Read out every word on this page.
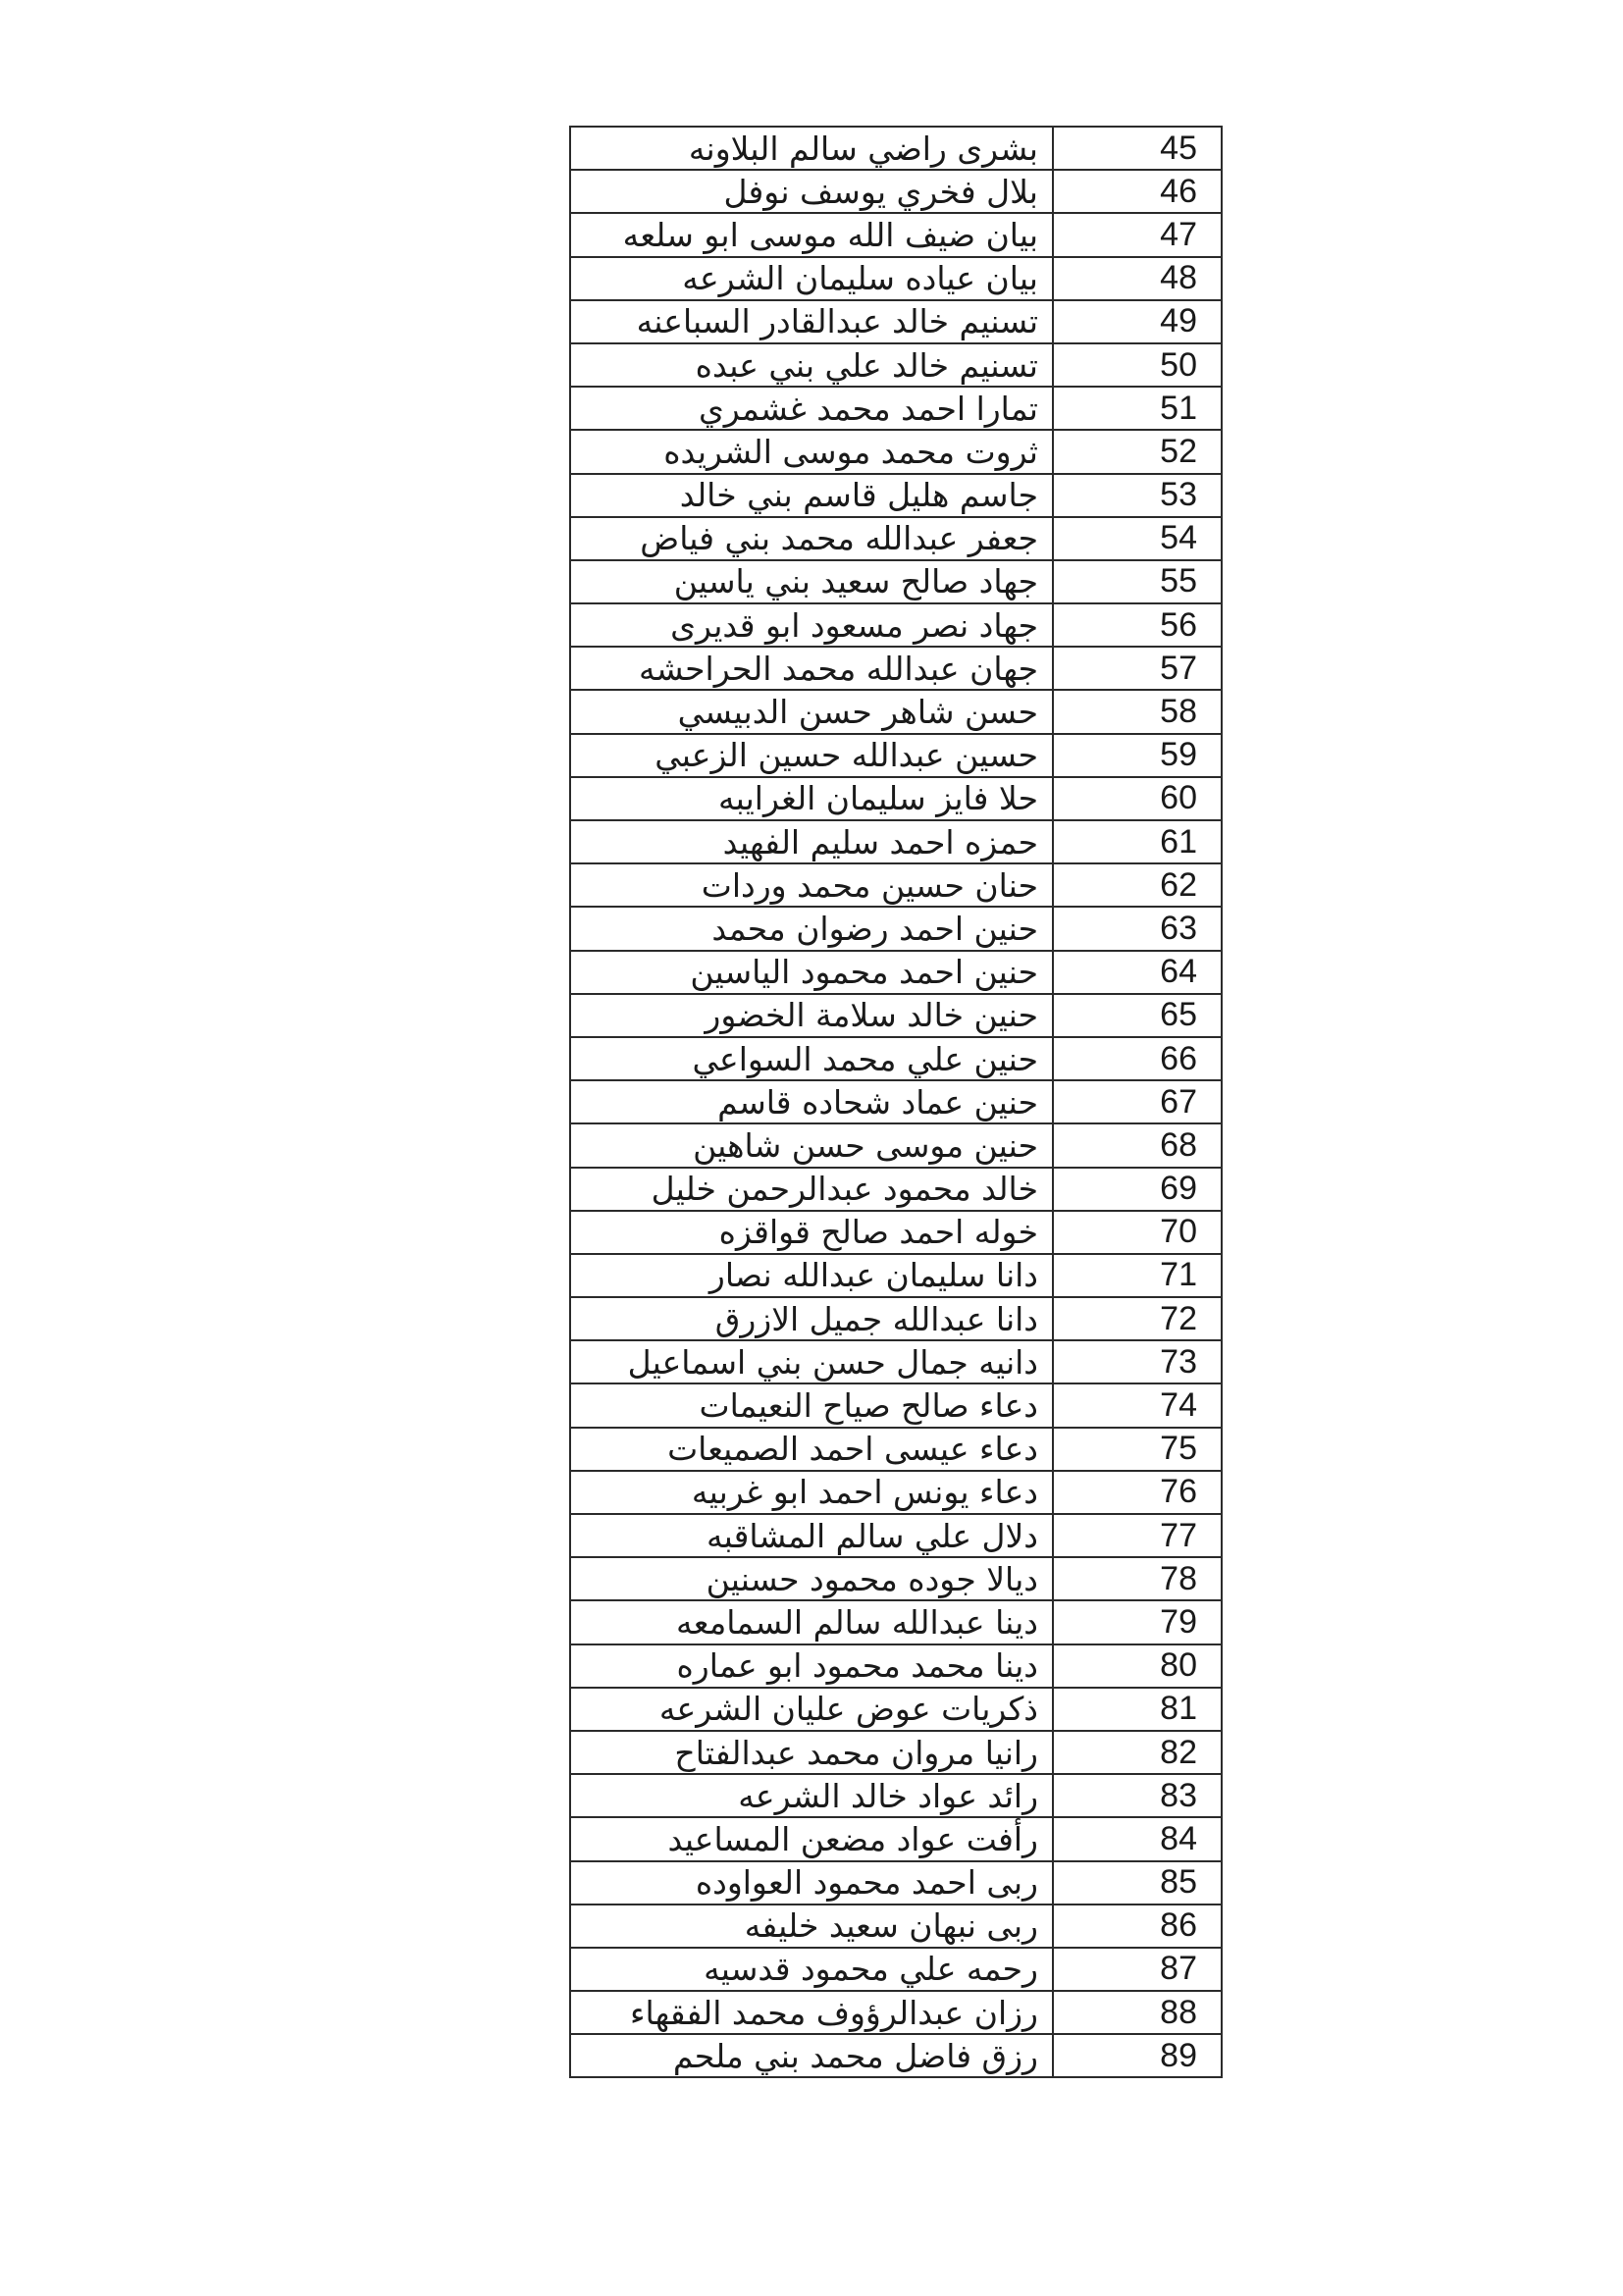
بشرى راضي سالم البلاونه	45
بلال فخري يوسف نوفل	46
بيان ضيف الله موسى ابو سلعه	47
بيان عياده سليمان الشرعه	48
تسنيم خالد عبدالقادر السباعنه	49
تسنيم خالد علي بني عبده	50
تمارا احمد محمد غشمري	51
ثروت محمد موسى الشريده	52
جاسم هليل قاسم بني خالد	53
جعفر عبدالله محمد بني فياض	54
جهاد صالح سعيد بني ياسين	55
جهاد نصر مسعود ابو قديرى	56
جهان عبدالله محمد الحراحشه	57
حسن شاهر حسن الدبيسي	58
حسين عبدالله حسين الزعبي	59
حلا فايز سليمان الغرايبه	60
حمزه احمد سليم الفهيد	61
حنان حسين محمد وردات	62
حنين احمد رضوان محمد	63
حنين احمد محمود الياسين	64
حنين خالد سلامة الخضور	65
حنين علي محمد السواعي	66
حنين عماد شحاده قاسم	67
حنين موسى حسن شاهين	68
خالد محمود عبدالرحمن خليل	69
خوله احمد صالح قواقزه	70
دانا سليمان عبدالله نصار	71
دانا عبدالله جميل الازرق	72
دانيه جمال حسن بني اسماعيل	73
دعاء صالح صياح النعيمات	74
دعاء عيسى احمد الصميعات	75
دعاء يونس احمد ابو غربيه	76
دلال علي سالم المشاقبه	77
ديالا جوده محمود حسنين	78
دينا عبدالله سالم السمامعه	79
دينا محمد محمود ابو عماره	80
ذكريات عوض عليان الشرعه	81
رانيا مروان محمد عبدالفتاح	82
رائد عواد خالد الشرعه	83
رأفت عواد مضعن المساعيد	84
ربى احمد محمود العواوده	85
ربى نبهان سعيد خليفه	86
رحمه علي محمود قدسيه	87
رزان عبدالرؤوف محمد الفقهاء	88
رزق فاضل محمد بني ملحم	89
